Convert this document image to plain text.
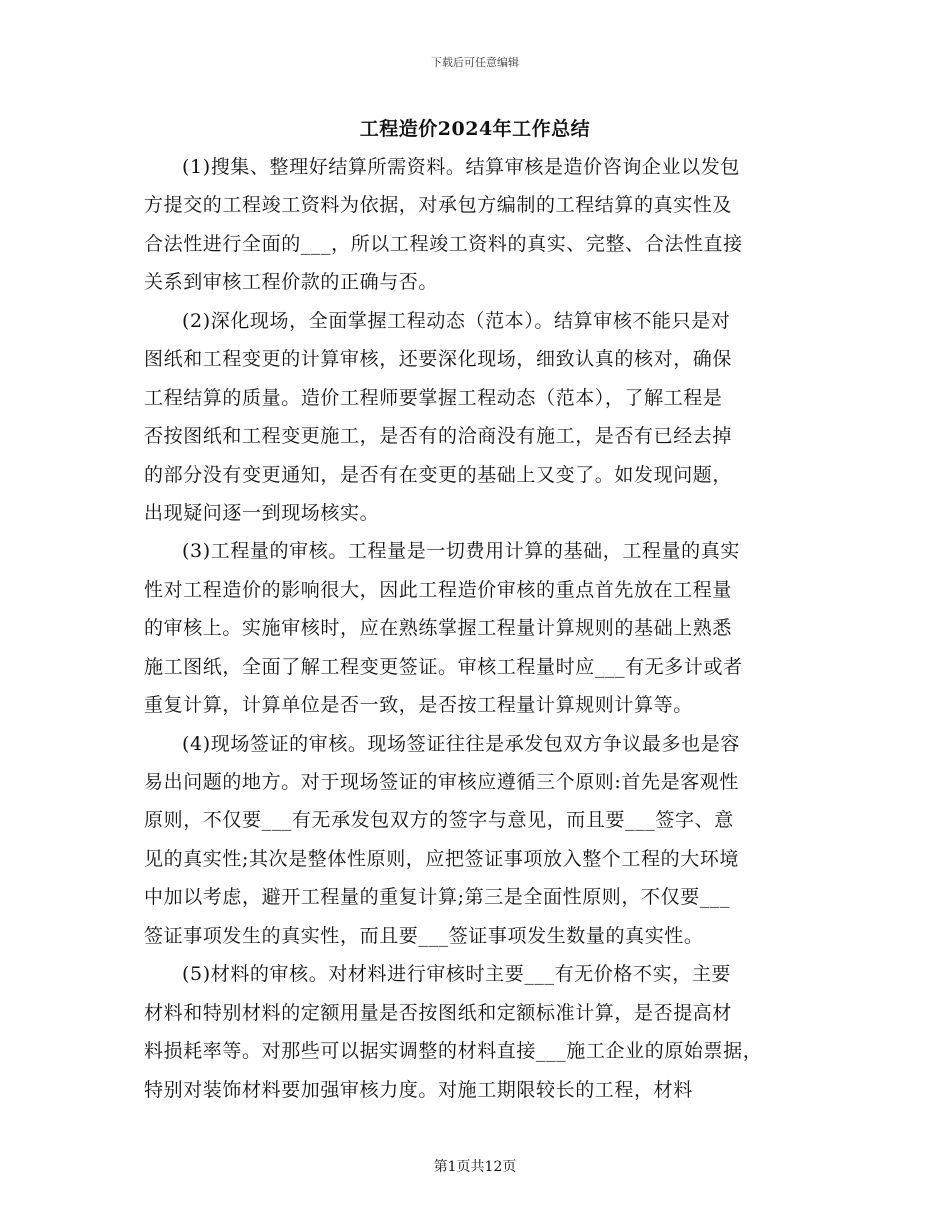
下载后可任意编辑
工程造价2024年工作总结
(1)搜集、整理好结算所需资料。结算审核是造价咨询企业以发包
方提交的工程竣工资料为依据，对承包方编制的工程结算的真实性及
合法性进行全面的___，所以工程竣工资料的真实、完整、合法性直接
关系到审核工程价款的正确与否。
(2)深化现场，全面掌握工程动态（范本）。结算审核不能只是对
图纸和工程变更的计算审核，还要深化现场，细致认真的核对，确保
工程结算的质量。造价工程师要掌握工程动态（范本），了解工程是
否按图纸和工程变更施工，是否有的洽商没有施工，是否有已经去掉
的部分没有变更通知，是否有在变更的基础上又变了。如发现问题，
出现疑问逐一到现场核实。
(3)工程量的审核。工程量是一切费用计算的基础，工程量的真实
性对工程造价的影响很大，因此工程造价审核的重点首先放在工程量
的审核上。实施审核时，应在熟练掌握工程量计算规则的基础上熟悉
施工图纸，全面了解工程变更签证。审核工程量时应___有无多计或者
重复计算，计算单位是否一致，是否按工程量计算规则计算等。
(4)现场签证的审核。现场签证往往是承发包双方争议最多也是容
易出问题的地方。对于现场签证的审核应遵循三个原则:首先是客观性
原则，不仅要___有无承发包双方的签字与意见，而且要___签字、意
见的真实性;其次是整体性原则，应把签证事项放入整个工程的大环境
中加以考虑，避开工程量的重复计算;第三是全面性原则，不仅要___
签证事项发生的真实性，而且要___签证事项发生数量的真实性。
(5)材料的审核。对材料进行审核时主要___有无价格不实，主要
材料和特别材料的定额用量是否按图纸和定额标准计算，是否提高材
料损耗率等。对那些可以据实调整的材料直接___施工企业的原始票据，
特别对装饰材料要加强审核力度。对施工期限较长的工程，材料
第1页共12页
